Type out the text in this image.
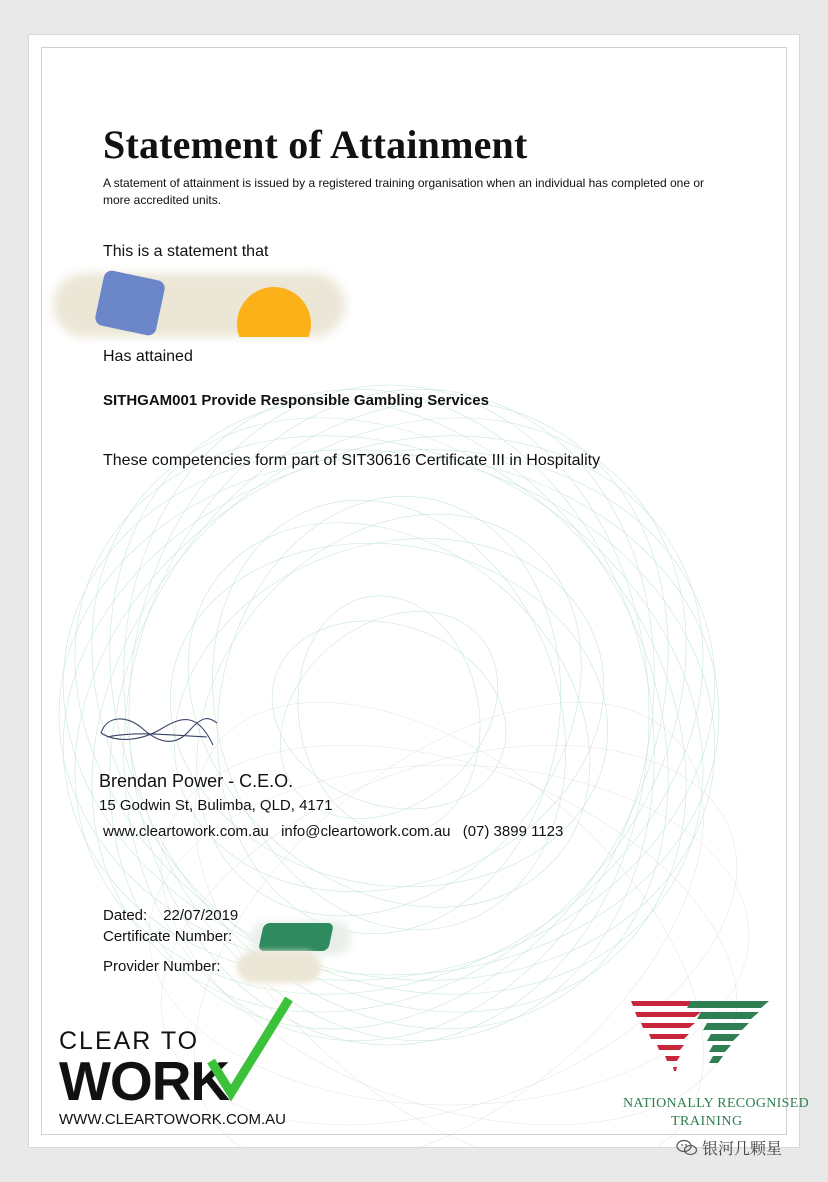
Statement of Attainment
A statement of attainment is issued by a registered training organisation when an individual has completed one or more accredited units.
This is a statement that
Has attained
SITHGAM001 Provide Responsible Gambling Services
These competencies form part of SIT30616 Certificate III in Hospitality
Brendan Power - C.E.O.
15 Godwin St, Bulimba, QLD, 4171
www.cleartowork.com.au info@cleartowork.com.au (07) 3899 1123
Dated: 22/07/2019
Certificate Number:
Provider Number:
CLEAR TO
WORK
WWW.CLEARTOWORK.COM.AU
NATIONALLY RECOGNISED
TRAINING
银河几颗星
